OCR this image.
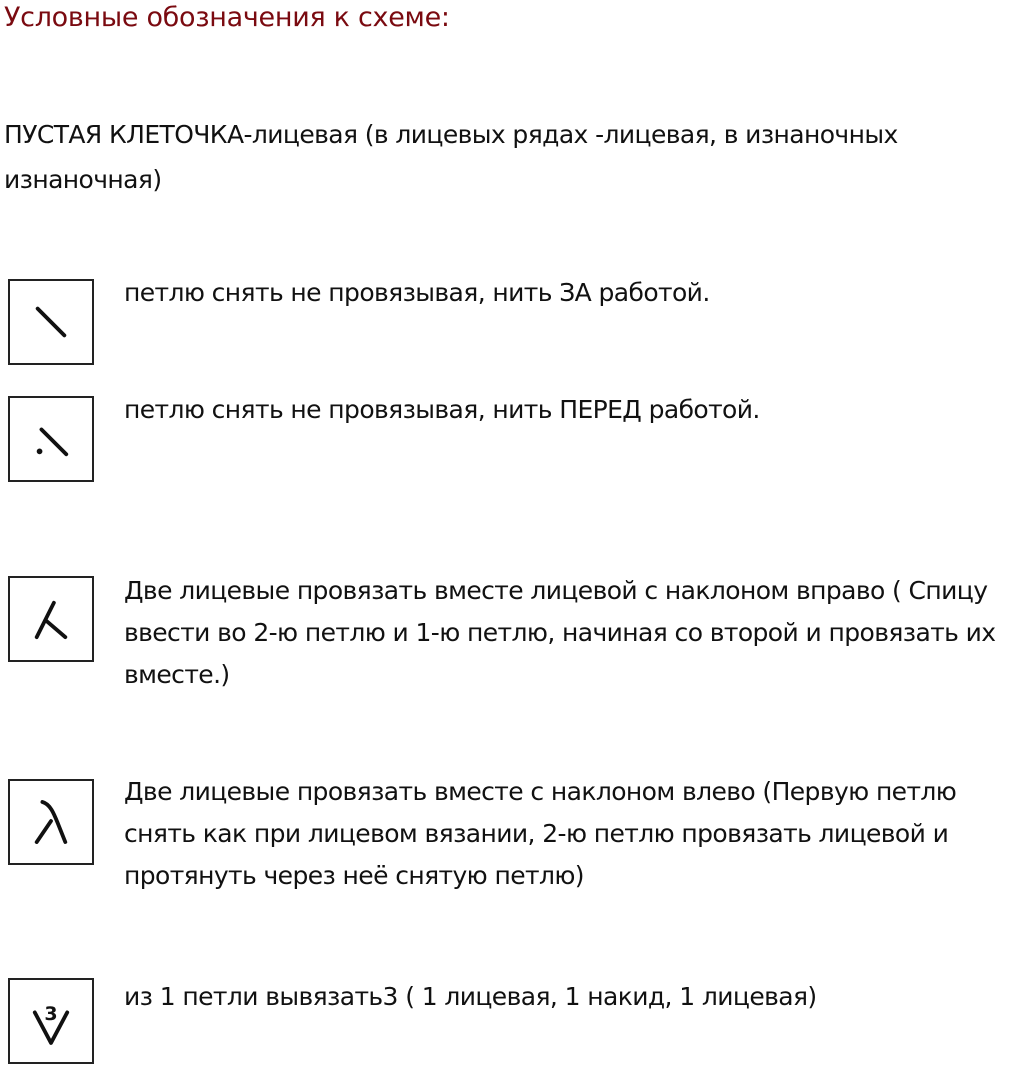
Условные обозначения к схеме:
ПУСТАЯ КЛЕТОЧКА-лицевая (в лицевых рядах -лицевая, в изнаночных изнаночная)
петлю снять не провязывая, нить ЗА работой.
петлю снять не провязывая, нить ПЕРЕД работой.
Две лицевые провязать вместе лицевой с наклоном вправо ( Спицу ввести во 2-ю петлю и 1-ю петлю, начиная со второй и провязать их вместе.)
Две лицевые провязать вместе с наклоном влево (Первую петлю снять как при лицевом вязании, 2-ю петлю провязать лицевой и протянуть через неё снятую петлю)
3
из 1 петли вывязать3 ( 1 лицевая, 1 накид, 1 лицевая)
